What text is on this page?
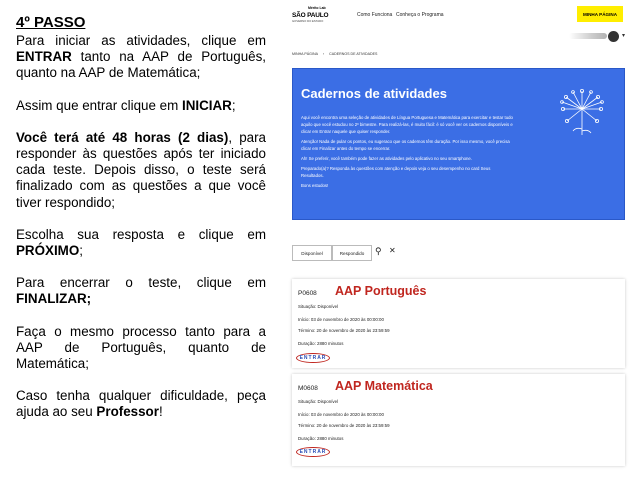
4º PASSO

Para iniciar as atividades, clique em ENTRAR tanto na AAP de Português, quanto na AAP de Matemática;

Assim que entrar clique em INICIAR;

Você terá até 48 horas (2 dias), para responder às questões após ter iniciado cada teste. Depois disso, o teste será finalizado com as questões a que você tiver respondido;

Escolha sua resposta e clique em PRÓXIMO;

Para encerrar o teste, clique em FINALIZAR;

Faça o mesmo processo tanto para a AAP de Português, quanto de Matemática;

Caso tenha qualquer dificuldade, peça ajuda ao seu Professor!

Mérito Lab
SÃO PAULO
GOVERNO DO ESTADO
Como Funciona Conheça o Programa	MINHA PÁGINA
▾
MINHA PÁGINA › CADERNOS DE ATIVIDADES
Cadernos de atividades

Aqui você encontra uma seleção de atividades de Língua Portuguesa e Matemática para exercitar e testar tudo aquilo que você estudou no 2º bimestre. Para realizá-las, é muito fácil: é só você ver os cadernos disponíveis e clicar em Entrar naquele que quiser responder.

Atenção! Nada de pular os pontos, eu sugeraco que os cadernos têm duração. Por isso mesmo, você precisa clicar em Finalizar antes do tempo se encerrar.

Ah! Se preferir, você também pode fazer as atividades pelo aplicativo no seu smartphone.

Preparado(a)? Responda às questões com atenção e depois veja o seu desempenho no card Seus Resultados.

Bons estudos!

Disponível	Respondido	⚲ ✕
P0608 AAP Português
Situação: Disponível
Início: 03 de novembro de 2020 às 00:00:00
Término: 20 de novembro de 2020 às 23:59:59
Duração: 2880 minutos
ENTRAR
M0608 AAP Matemática
Situação: Disponível
Início: 03 de novembro de 2020 às 00:00:00
Término: 20 de novembro de 2020 às 23:59:59
Duração: 2880 minutos
ENTRAR
